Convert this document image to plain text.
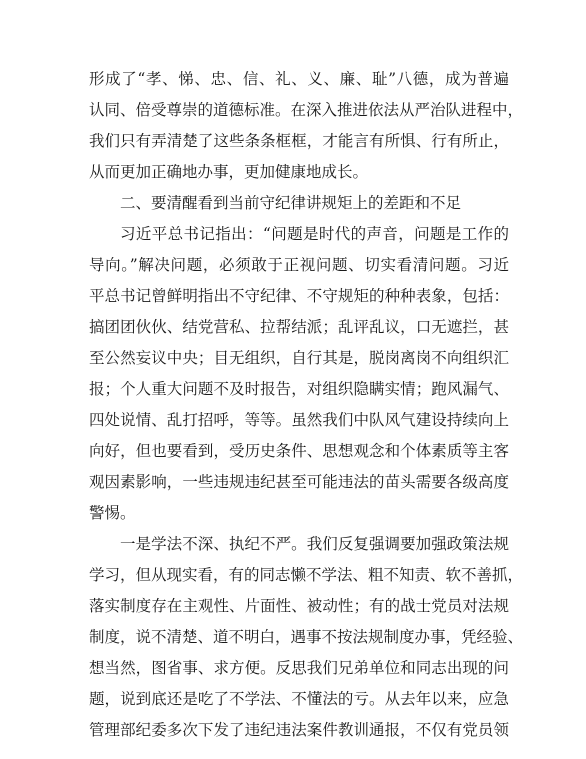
形成了“孝、悌、忠、信、礼、义、廉、耻”八德，成为普遍
认同、倍受尊崇的道德标准。在深入推进依法从严治队进程中，
我们只有弄清楚了这些条条框框，才能言有所惧、行有所止，
从而更加正确地办事，更加健康地成长。
二、要清醒看到当前守纪律讲规矩上的差距和不足
习近平总书记指出：“问题是时代的声音，问题是工作的
导向。”解决问题，必须敢于正视问题、切实看清问题。习近
平总书记曾鲜明指出不守纪律、不守规矩的种种表象，包括：
搞团团伙伙、结党营私、拉帮结派；乱评乱议，口无遮拦，甚
至公然妄议中央；目无组织，自行其是，脱岗离岗不向组织汇
报；个人重大问题不及时报告，对组织隐瞒实情；跑风漏气、
四处说情、乱打招呼，等等。虽然我们中队风气建设持续向上
向好，但也要看到，受历史条件、思想观念和个体素质等主客
观因素影响，一些违规违纪甚至可能违法的苗头需要各级高度
警惕。
一是学法不深、执纪不严。我们反复强调要加强政策法规
学习，但从现实看，有的同志懒不学法、粗不知责、软不善抓，
落实制度存在主观性、片面性、被动性；有的战士党员对法规
制度，说不清楚、道不明白，遇事不按法规制度办事，凭经验、
想当然，图省事、求方便。反思我们兄弟单位和同志出现的问
题，说到底还是吃了不学法、不懂法的亏。从去年以来，应急
管理部纪委多次下发了违纪违法案件教训通报，不仅有党员领
